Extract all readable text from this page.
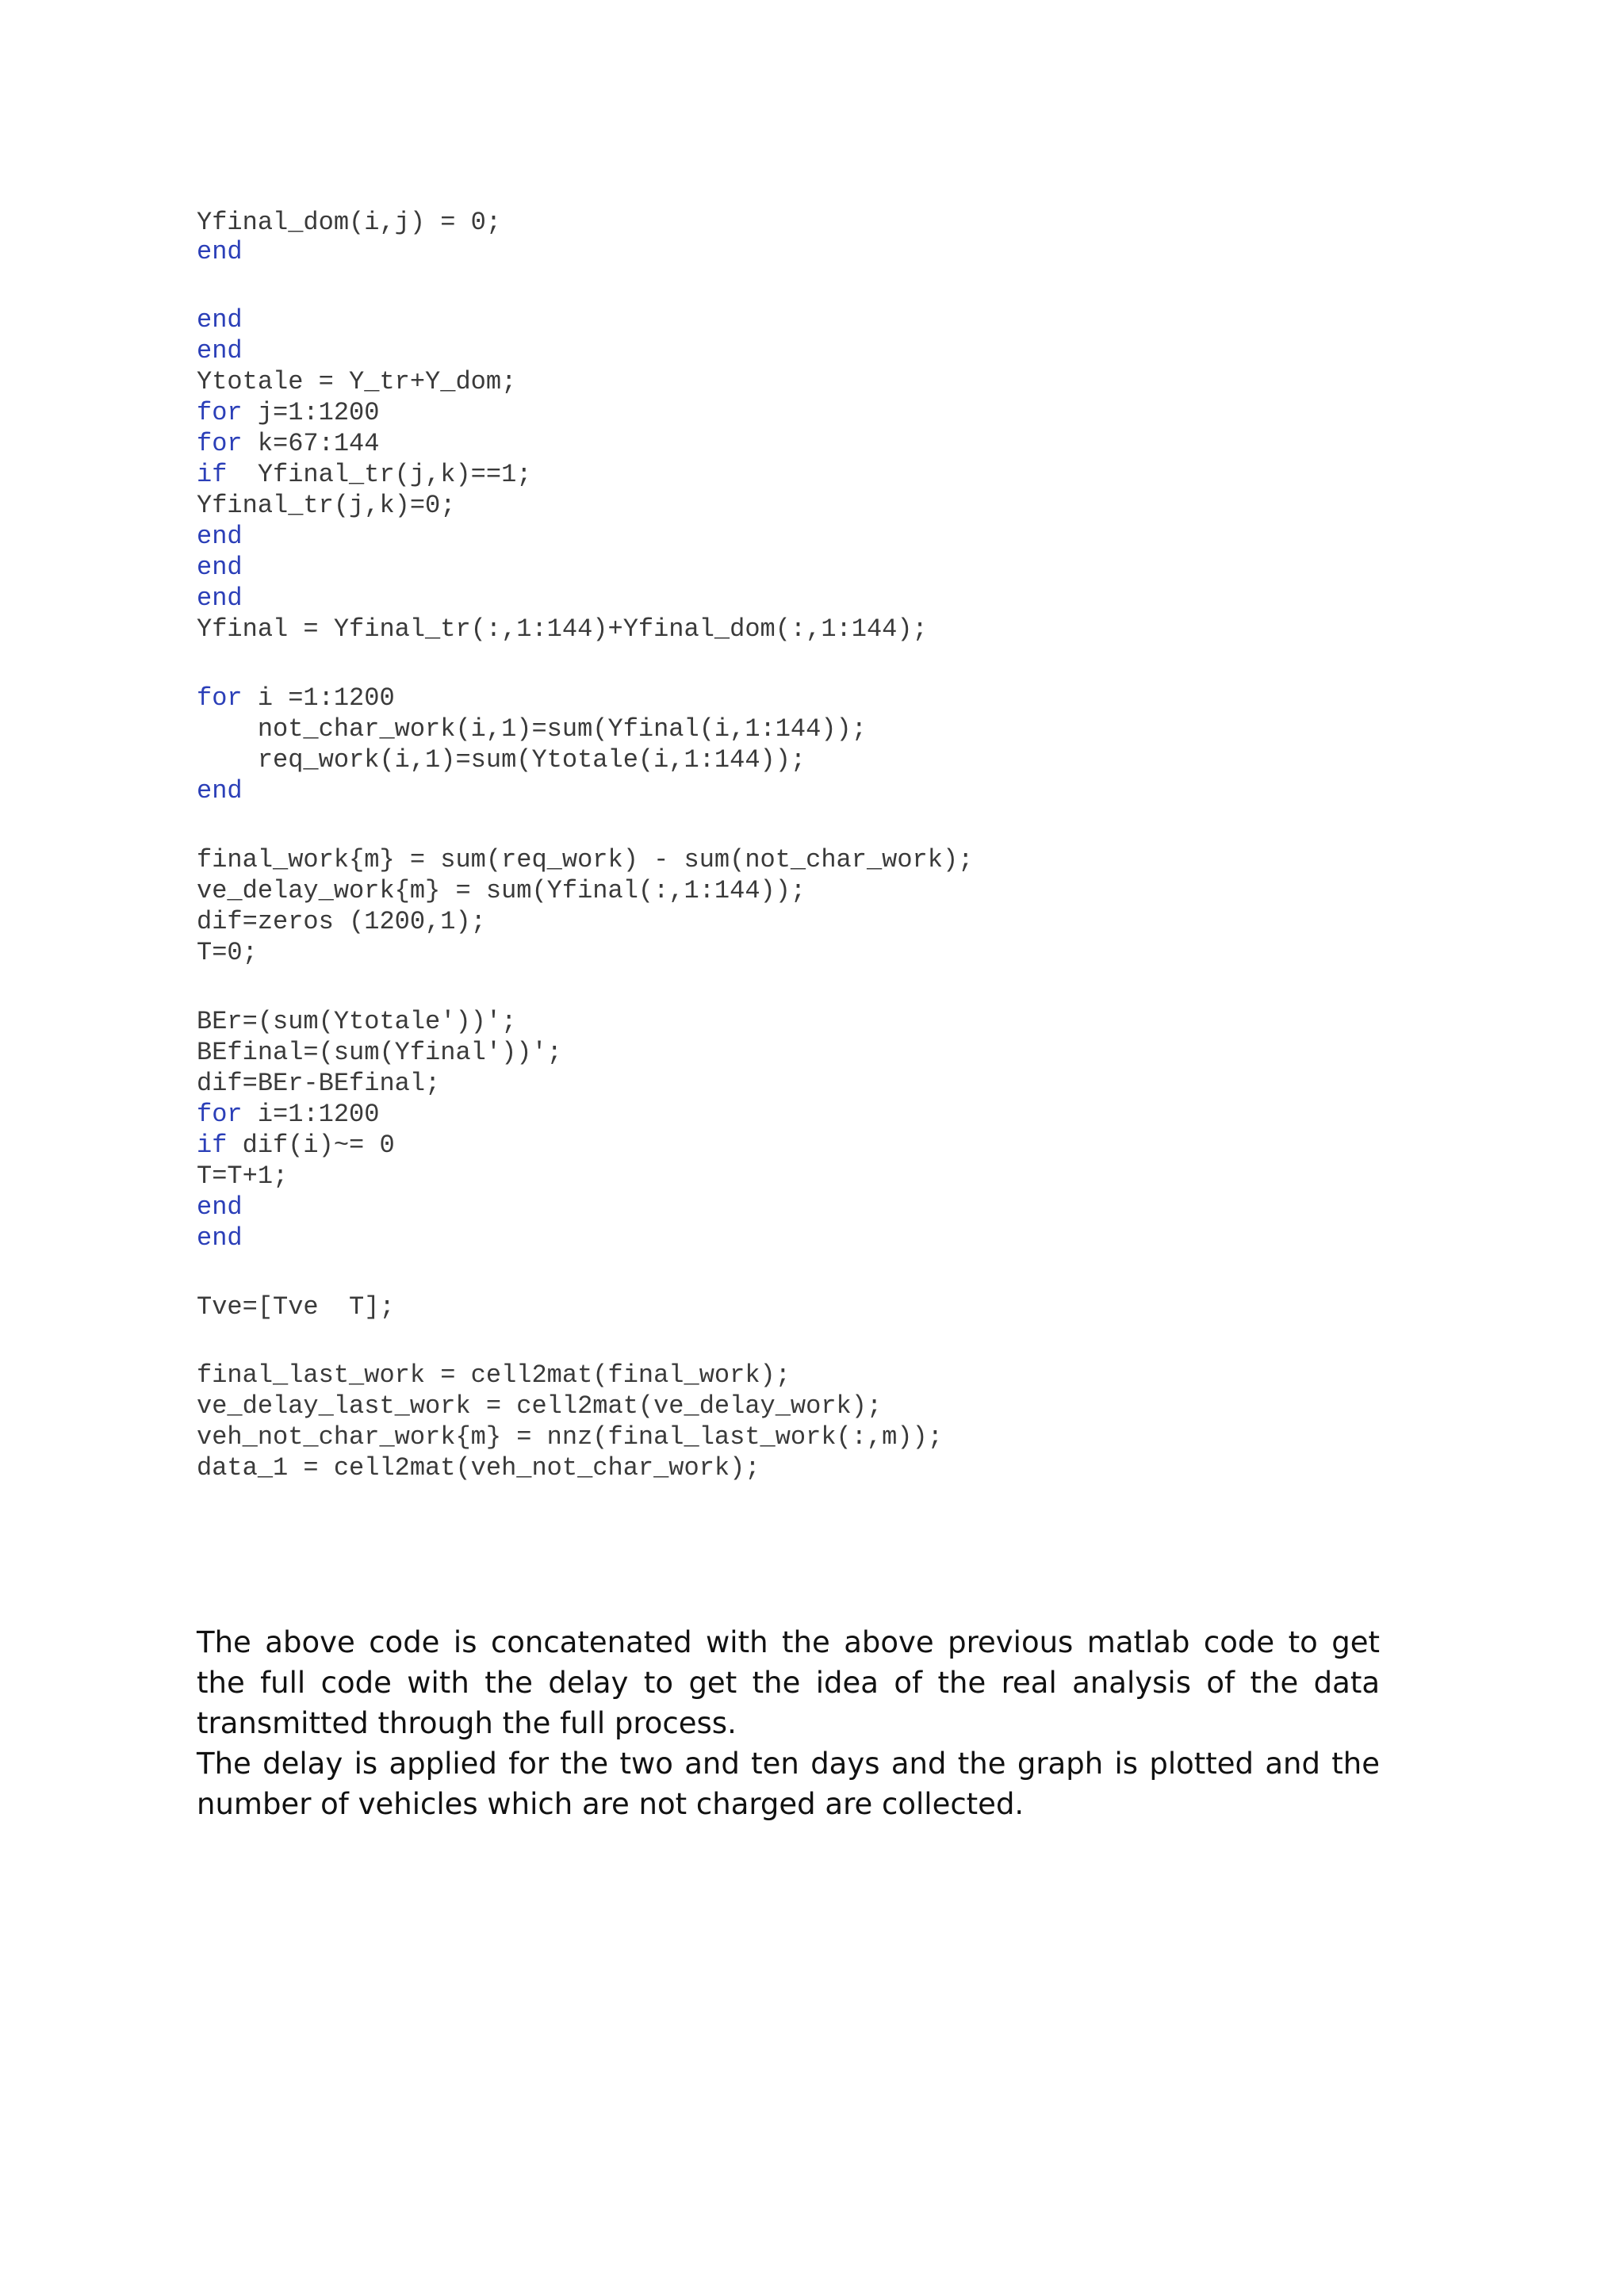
Yfinal_dom(i,j) = 0;
end
end
end
Ytotale = Y_tr+Y_dom;
for j=1:1200
for k=67:144
if  Yfinal_tr(j,k)==1;
Yfinal_tr(j,k)=0;
end
end
end
Yfinal = Yfinal_tr(:,1:144)+Yfinal_dom(:,1:144);
for i =1:1200
not_char_work(i,1)=sum(Yfinal(i,1:144));
req_work(i,1)=sum(Ytotale(i,1:144));
end
final_work{m} = sum(req_work) - sum(not_char_work);
ve_delay_work{m} = sum(Yfinal(:,1:144));
dif=zeros (1200,1);
T=0;
BEr=(sum(Ytotale'))';
BEfinal=(sum(Yfinal'))';
dif=BEr-BEfinal;
for i=1:1200
if dif(i)~= 0
T=T+1;
end
end
Tve=[Tve  T];
final_last_work = cell2mat(final_work);
ve_delay_last_work = cell2mat(ve_delay_work);
veh_not_char_work{m} = nnz(final_last_work(:,m));
data_1 = cell2mat(veh_not_char_work);

The above code is concatenated with the above previous matlab code to get the full code with the delay to get the idea of the real analysis of the data transmitted through the full process.

The delay is applied for the two and ten days and the graph is plotted and the number of vehicles which are not charged are collected.
